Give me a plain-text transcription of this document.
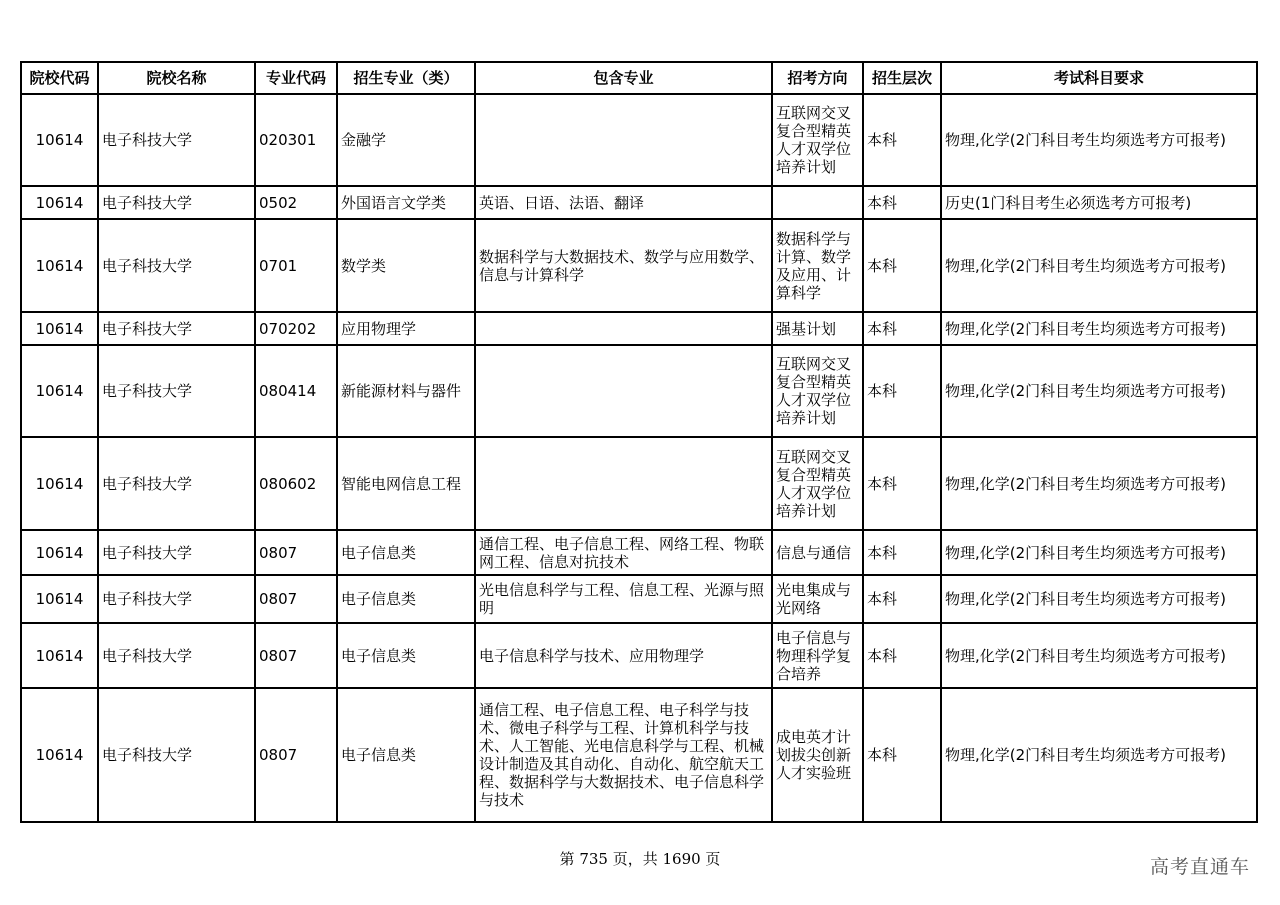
院校代码	院校名称	专业代码	招生专业（类）	包含专业	招考方向	招生层次	考试科目要求
10614	电子科技大学	020301	金融学		互联网交叉复合型精英人才双学位培养计划	本科	物理,化学(2门科目考生均须选考方可报考)
10614	电子科技大学	0502	外国语言文学类	英语、日语、法语、翻译		本科	历史(1门科目考生必须选考方可报考)
10614	电子科技大学	0701	数学类	数据科学与大数据技术、数学与应用数学、信息与计算科学	数据科学与计算、数学及应用、计算科学	本科	物理,化学(2门科目考生均须选考方可报考)
10614	电子科技大学	070202	应用物理学		强基计划	本科	物理,化学(2门科目考生均须选考方可报考)
10614	电子科技大学	080414	新能源材料与器件		互联网交叉复合型精英人才双学位培养计划	本科	物理,化学(2门科目考生均须选考方可报考)
10614	电子科技大学	080602	智能电网信息工程		互联网交叉复合型精英人才双学位培养计划	本科	物理,化学(2门科目考生均须选考方可报考)
10614	电子科技大学	0807	电子信息类	通信工程、电子信息工程、网络工程、物联网工程、信息对抗技术	信息与通信	本科	物理,化学(2门科目考生均须选考方可报考)
10614	电子科技大学	0807	电子信息类	光电信息科学与工程、信息工程、光源与照明	光电集成与光网络	本科	物理,化学(2门科目考生均须选考方可报考)
10614	电子科技大学	0807	电子信息类	电子信息科学与技术、应用物理学	电子信息与物理科学复合培养	本科	物理,化学(2门科目考生均须选考方可报考)
10614	电子科技大学	0807	电子信息类	通信工程、电子信息工程、电子科学与技术、微电子科学与工程、计算机科学与技术、人工智能、光电信息科学与工程、机械设计制造及其自动化、自动化、航空航天工程、数据科学与大数据技术、电子信息科学与技术	成电英才计划拔尖创新人才实验班	本科	物理,化学(2门科目考生均须选考方可报考)
第 735 页，共 1690 页	高考直通车
